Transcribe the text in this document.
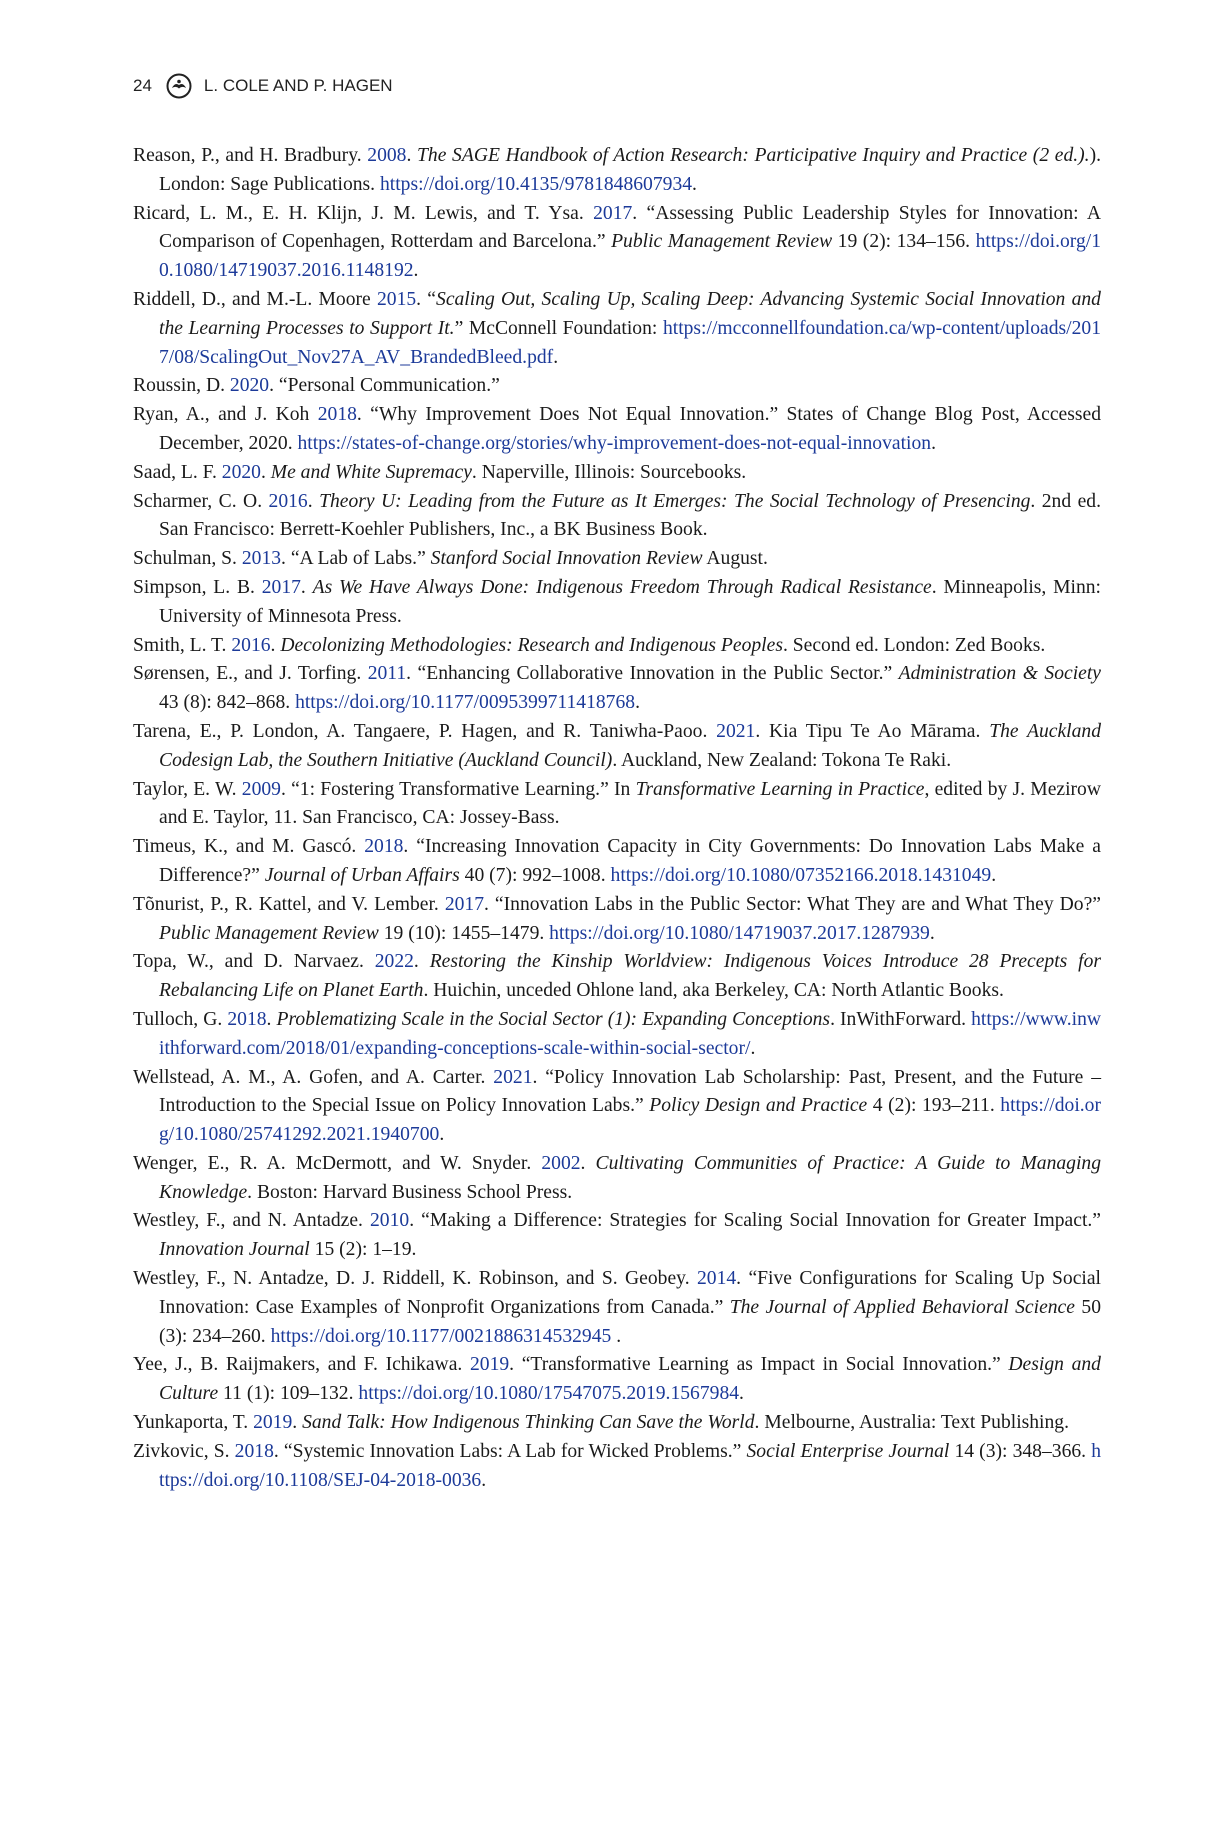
24	L. COLE AND P. HAGEN

Reason, P., and H. Bradbury. 2008. The SAGE Handbook of Action Research: Participative Inquiry and Practice (2 ed.).). London: Sage Publications. https://doi.org/10.4135/9781848607934.

Ricard, L. M., E. H. Klijn, J. M. Lewis, and T. Ysa. 2017. “Assessing Public Leadership Styles for Innovation: A Comparison of Copenhagen, Rotterdam and Barcelona.” Public Management Review 19 (2): 134–156. https://doi.org/10.1080/14719037.2016.1148192.

Riddell, D., and M.-L. Moore 2015. “Scaling Out, Scaling Up, Scaling Deep: Advancing Systemic Social Innovation and the Learning Processes to Support It.” McConnell Foundation: https://mcconnellfoundation.ca/wp-content/uploads/2017/08/ScalingOut_Nov27A_AV_BrandedBleed.pdf.

Roussin, D. 2020. “Personal Communication.”

Ryan, A., and J. Koh 2018. “Why Improvement Does Not Equal Innovation.” States of Change Blog Post, Accessed December, 2020. https://states-of-change.org/stories/why-improvement-does-not-equal-innovation.

Saad, L. F. 2020. Me and White Supremacy. Naperville, Illinois: Sourcebooks.

Scharmer, C. O. 2016. Theory U: Leading from the Future as It Emerges: The Social Technology of Presencing. 2nd ed. San Francisco: Berrett-Koehler Publishers, Inc., a BK Business Book.

Schulman, S. 2013. “A Lab of Labs.” Stanford Social Innovation Review August.

Simpson, L. B. 2017. As We Have Always Done: Indigenous Freedom Through Radical Resistance. Minneapolis, Minn: University of Minnesota Press.

Smith, L. T. 2016. Decolonizing Methodologies: Research and Indigenous Peoples. Second ed. London: Zed Books.

Sørensen, E., and J. Torfing. 2011. “Enhancing Collaborative Innovation in the Public Sector.” Administration & Society 43 (8): 842–868. https://doi.org/10.1177/0095399711418768.

Tarena, E., P. London, A. Tangaere, P. Hagen, and R. Taniwha-Paoo. 2021. Kia Tipu Te Ao Mārama. The Auckland Codesign Lab, the Southern Initiative (Auckland Council). Auckland, New Zealand: Tokona Te Raki.

Taylor, E. W. 2009. “1: Fostering Transformative Learning.” In Transformative Learning in Practice, edited by J. Mezirow and E. Taylor, 11. San Francisco, CA: Jossey-Bass.

Timeus, K., and M. Gascó. 2018. “Increasing Innovation Capacity in City Governments: Do Innovation Labs Make a Difference?” Journal of Urban Affairs 40 (7): 992–1008. https://doi.org/10.1080/07352166.2018.1431049.

Tõnurist, P., R. Kattel, and V. Lember. 2017. “Innovation Labs in the Public Sector: What They are and What They Do?” Public Management Review 19 (10): 1455–1479. https://doi.org/10.1080/14719037.2017.1287939.

Topa, W., and D. Narvaez. 2022. Restoring the Kinship Worldview: Indigenous Voices Introduce 28 Precepts for Rebalancing Life on Planet Earth. Huichin, unceded Ohlone land, aka Berkeley, CA: North Atlantic Books.

Tulloch, G. 2018. Problematizing Scale in the Social Sector (1): Expanding Conceptions. InWithForward. https://www.inwithforward.com/2018/01/expanding-conceptions-scale-within-social-sector/.

Wellstead, A. M., A. Gofen, and A. Carter. 2021. “Policy Innovation Lab Scholarship: Past, Present, and the Future – Introduction to the Special Issue on Policy Innovation Labs.” Policy Design and Practice 4 (2): 193–211. https://doi.org/10.1080/25741292.2021.1940700.

Wenger, E., R. A. McDermott, and W. Snyder. 2002. Cultivating Communities of Practice: A Guide to Managing Knowledge. Boston: Harvard Business School Press.

Westley, F., and N. Antadze. 2010. “Making a Difference: Strategies for Scaling Social Innovation for Greater Impact.” Innovation Journal 15 (2): 1–19.

Westley, F., N. Antadze, D. J. Riddell, K. Robinson, and S. Geobey. 2014. “Five Configurations for Scaling Up Social Innovation: Case Examples of Nonprofit Organizations from Canada.” The Journal of Applied Behavioral Science 50 (3): 234–260. https://doi.org/10.1177/0021886314532945 .

Yee, J., B. Raijmakers, and F. Ichikawa. 2019. “Transformative Learning as Impact in Social Innovation.” Design and Culture 11 (1): 109–132. https://doi.org/10.1080/17547075.2019.1567984.

Yunkaporta, T. 2019. Sand Talk: How Indigenous Thinking Can Save the World. Melbourne, Australia: Text Publishing.

Zivkovic, S. 2018. “Systemic Innovation Labs: A Lab for Wicked Problems.” Social Enterprise Journal 14 (3): 348–366. https://doi.org/10.1108/SEJ-04-2018-0036.
